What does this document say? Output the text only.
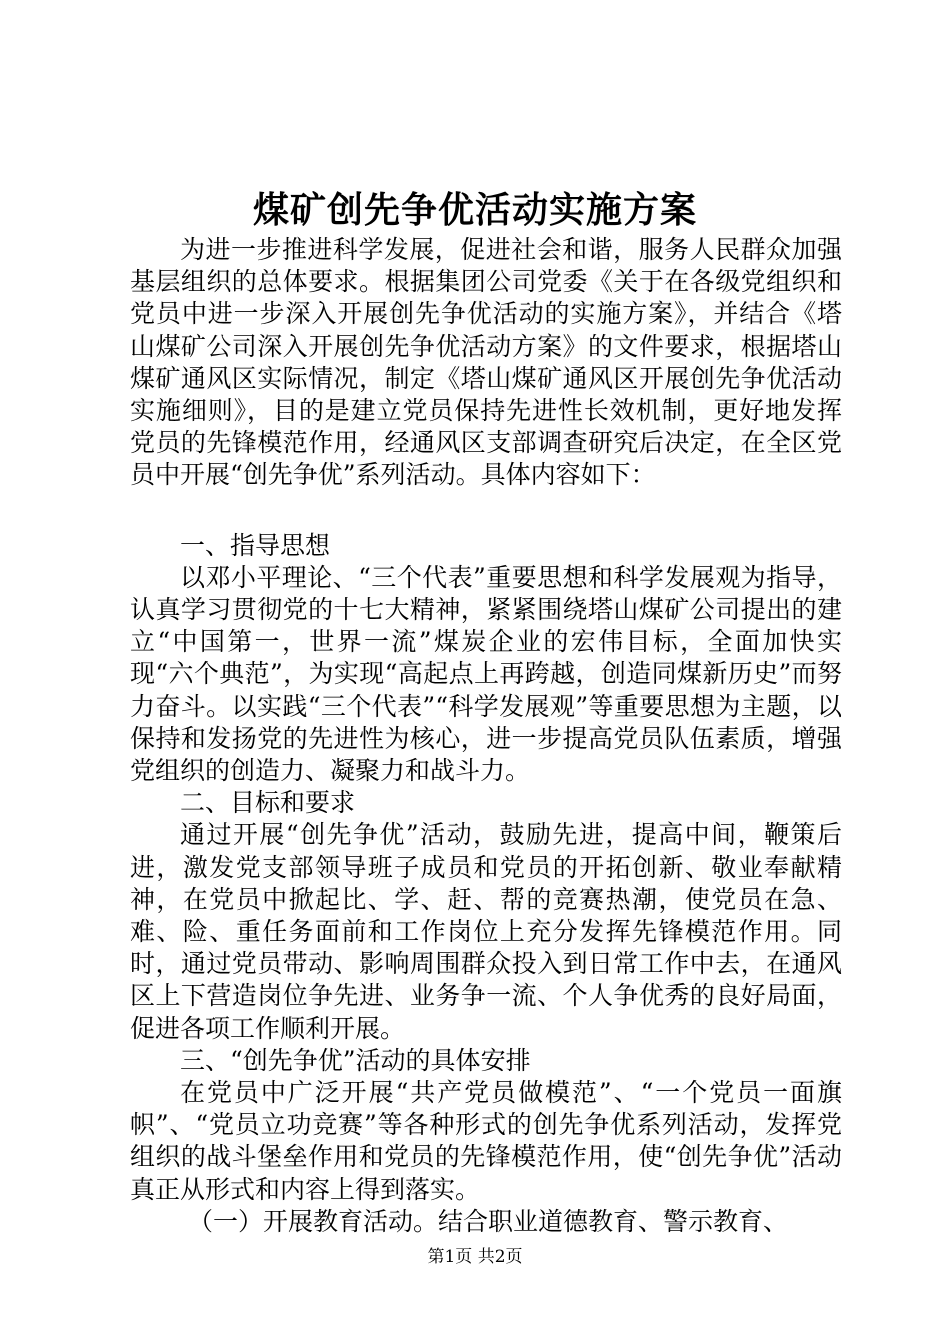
煤矿创先争优活动实施方案

为进一步推进科学发展，促进社会和谐，服务人民群众加强基层组织的总体要求。根据集团公司党委《关于在各级党组织和党员中进一步深入开展创先争优活动的实施方案》，并结合《塔山煤矿公司深入开展创先争优活动方案》的文件要求，根据塔山煤矿通风区实际情况，制定《塔山煤矿通风区开展创先争优活动实施细则》，目的是建立党员保持先进性长效机制，更好地发挥党员的先锋模范作用，经通风区支部调查研究后决定，在全区党员中开展“创先争优”系列活动。具体内容如下：

一、指导思想

以邓小平理论、“三个代表”重要思想和科学发展观为指导，认真学习贯彻党的十七大精神，紧紧围绕塔山煤矿公司提出的建立“中国第一，世界一流”煤炭企业的宏伟目标，全面加快实现“六个典范”，为实现“高起点上再跨越，创造同煤新历史”而努力奋斗。以实践“三个代表”“科学发展观”等重要思想为主题，以保持和发扬党的先进性为核心，进一步提高党员队伍素质，增强党组织的创造力、凝聚力和战斗力。

二、目标和要求

通过开展“创先争优”活动，鼓励先进，提高中间，鞭策后进，激发党支部领导班子成员和党员的开拓创新、敬业奉献精神，在党员中掀起比、学、赶、帮的竞赛热潮，使党员在急、难、险、重任务面前和工作岗位上充分发挥先锋模范作用。同时，通过党员带动、影响周围群众投入到日常工作中去，在通风区上下营造岗位争先进、业务争一流、个人争优秀的良好局面，促进各项工作顺利开展。

三、“创先争优”活动的具体安排

在党员中广泛开展“共产党员做模范”、“一个党员一面旗帜”、“党员立功竞赛”等各种形式的创先争优系列活动，发挥党组织的战斗堡垒作用和党员的先锋模范作用，使“创先争优”活动真正从形式和内容上得到落实。

（一）开展教育活动。结合职业道德教育、警示教育、

第1页 共2页
